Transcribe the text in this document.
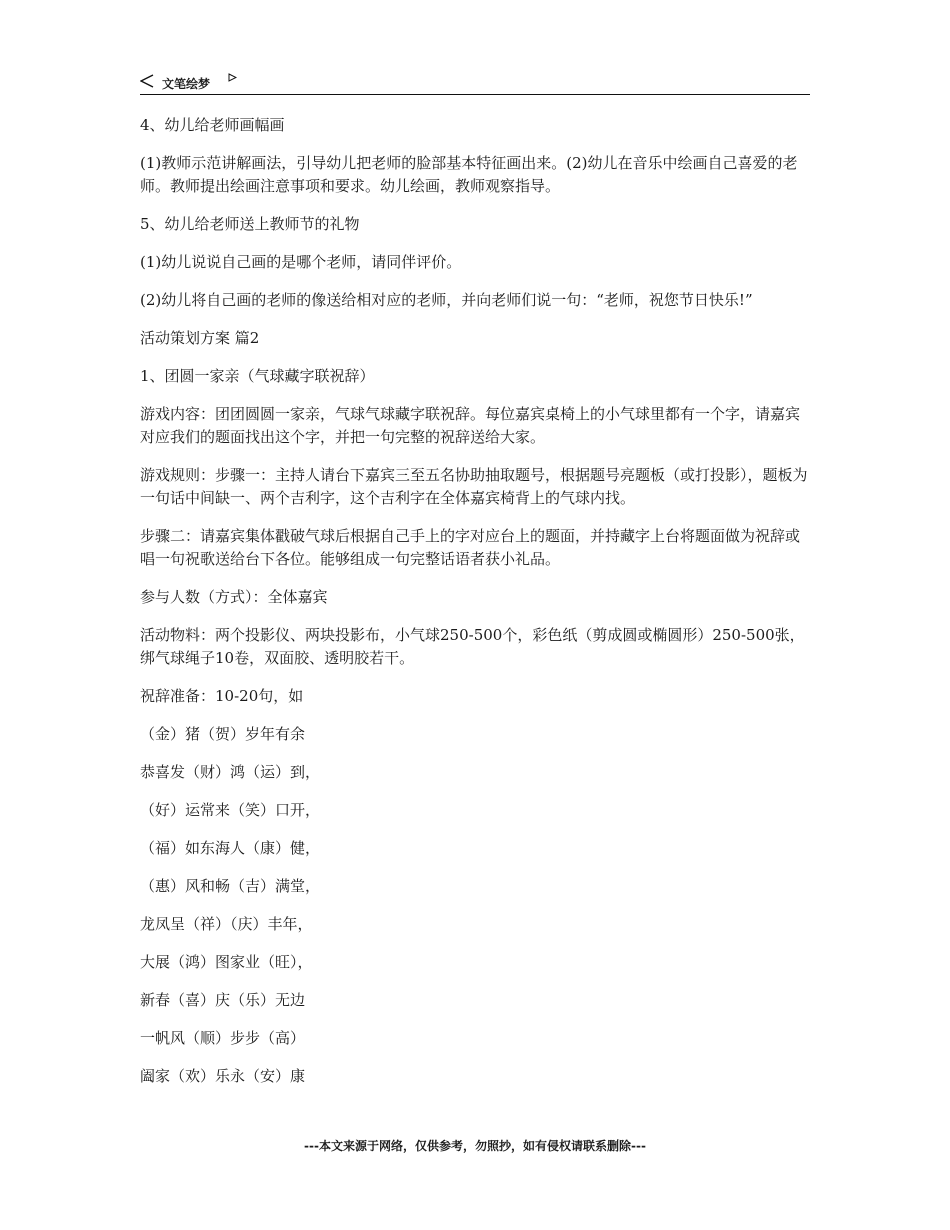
文笔绘梦

4、幼儿给老师画幅画

(1)教师示范讲解画法，引导幼儿把老师的脸部基本特征画出来。(2)幼儿在音乐中绘画自己喜爱的老师。教师提出绘画注意事项和要求。幼儿绘画，教师观察指导。

5、幼儿给老师送上教师节的礼物

(1)幼儿说说自己画的是哪个老师，请同伴评价。

(2)幼儿将自己画的老师的像送给相对应的老师，并向老师们说一句：“老师，祝您节日快乐!”

活动策划方案 篇2

1、团圆一家亲（气球藏字联祝辞）

游戏内容：团团圆圆一家亲，气球气球藏字联祝辞。每位嘉宾桌椅上的小气球里都有一个字，请嘉宾对应我们的题面找出这个字，并把一句完整的祝辞送给大家。

游戏规则：步骤一：主持人请台下嘉宾三至五名协助抽取题号，根据题号亮题板（或打投影），题板为一句话中间缺一、两个吉利字，这个吉利字在全体嘉宾椅背上的气球内找。

步骤二：请嘉宾集体戳破气球后根据自己手上的字对应台上的题面，并持藏字上台将题面做为祝辞或唱一句祝歌送给台下各位。能够组成一句完整话语者获小礼品。

参与人数（方式）：全体嘉宾

活动物料：两个投影仪、两块投影布，小气球250-500个，彩色纸（剪成圆或椭圆形）250-500张，绑气球绳子10卷，双面胶、透明胶若干。

祝辞准备：10-20句，如

（金）猪（贺）岁年有余

恭喜发（财）鸿（运）到，

（好）运常来（笑）口开，

（福）如东海人（康）健，

（惠）风和畅（吉）满堂，

龙凤呈（祥）（庆）丰年，

大展（鸿）图家业（旺），

新春（喜）庆（乐）无边

一帆风（顺）步步（高）

阖家（欢）乐永（安）康

---本文来源于网络，仅供参考，勿照抄，如有侵权请联系删除---
